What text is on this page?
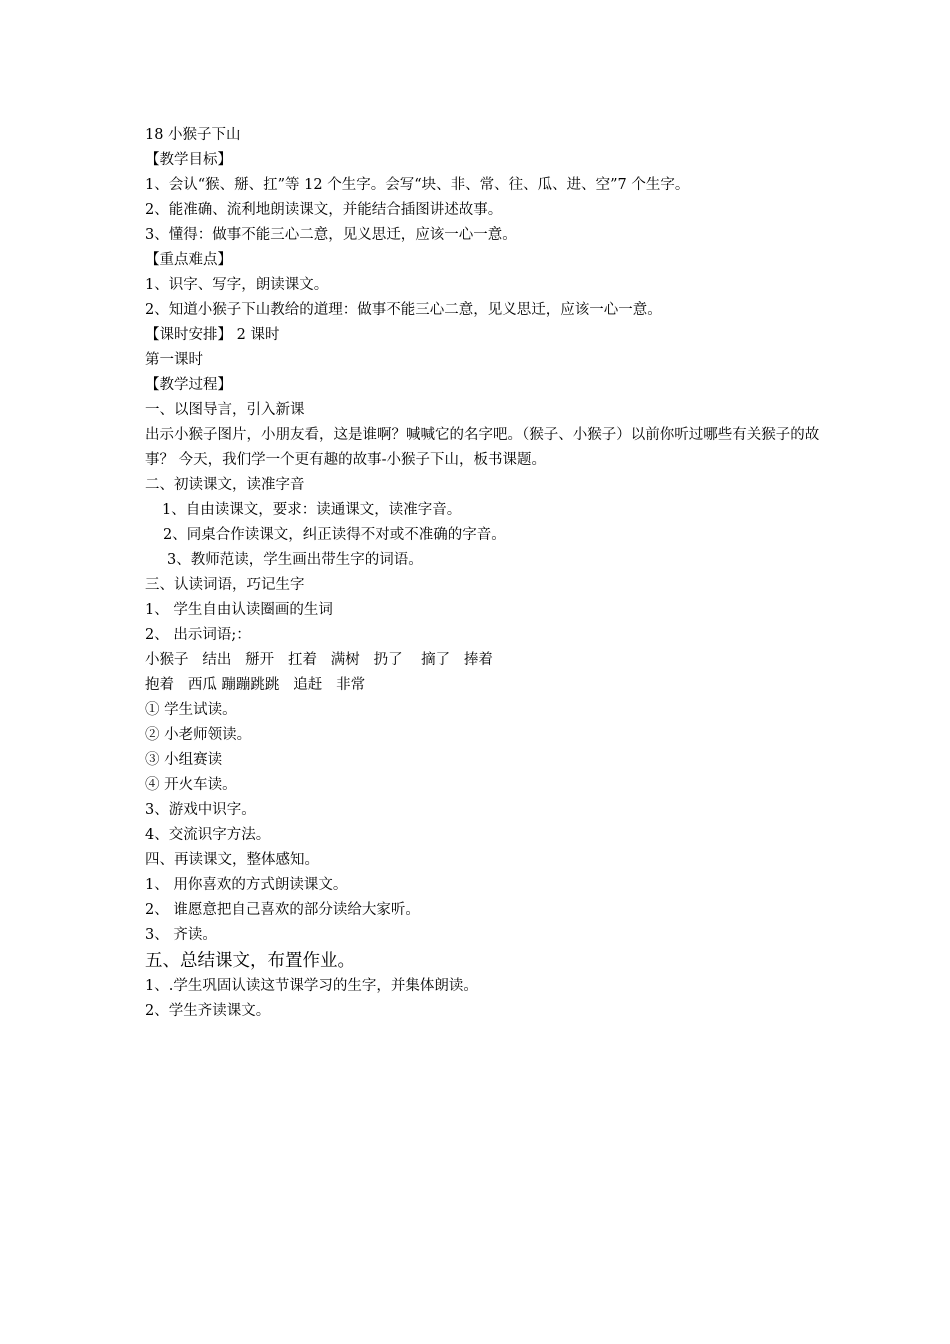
18 小猴子下山
【教学目标】
1、会认“猴、掰、扛”等 12 个生字。会写“块、非、常、往、瓜、进、空”7 个生字。
2、能准确、流利地朗读课文，并能结合插图讲述故事。
3、懂得：做事不能三心二意，见义思迁，应该一心一意。
【重点难点】
1、识字、写字，朗读课文。
2、知道小猴子下山教给的道理：做事不能三心二意，见义思迁，应该一心一意。
【课时安排】 2 课时
第一课时
【教学过程】
一、以图导言，引入新课
出示小猴子图片，小朋友看，这是谁啊？喊喊它的名字吧。（猴子、小猴子）以前你听过哪些有关猴子的故事？ 今天，我们学一个更有趣的故事-小猴子下山，板书课题。
二、初读课文，读准字音
1、自由读课文，要求：读通课文，读准字音。
2、同桌合作读课文，纠正读得不对或不准确的字音。
3、教师范读，学生画出带生字的词语。
三、认读词语，巧记生字
1、 学生自由认读圈画的生词
2、 出示词语;：
小猴子   结出   掰开   扛着   满树   扔了    摘了   捧着
抱着   西瓜 蹦蹦跳跳   追赶   非常
① 学生试读。
② 小老师领读。
③ 小组赛读
④ 开火车读。
3、游戏中识字。
4、交流识字方法。
四、再读课文，整体感知。
1、 用你喜欢的方式朗读课文。
2、 谁愿意把自己喜欢的部分读给大家听。
3、 齐读。
五、总结课文，布置作业。
1、.学生巩固认读这节课学习的生字，并集体朗读。
2、学生齐读课文。
